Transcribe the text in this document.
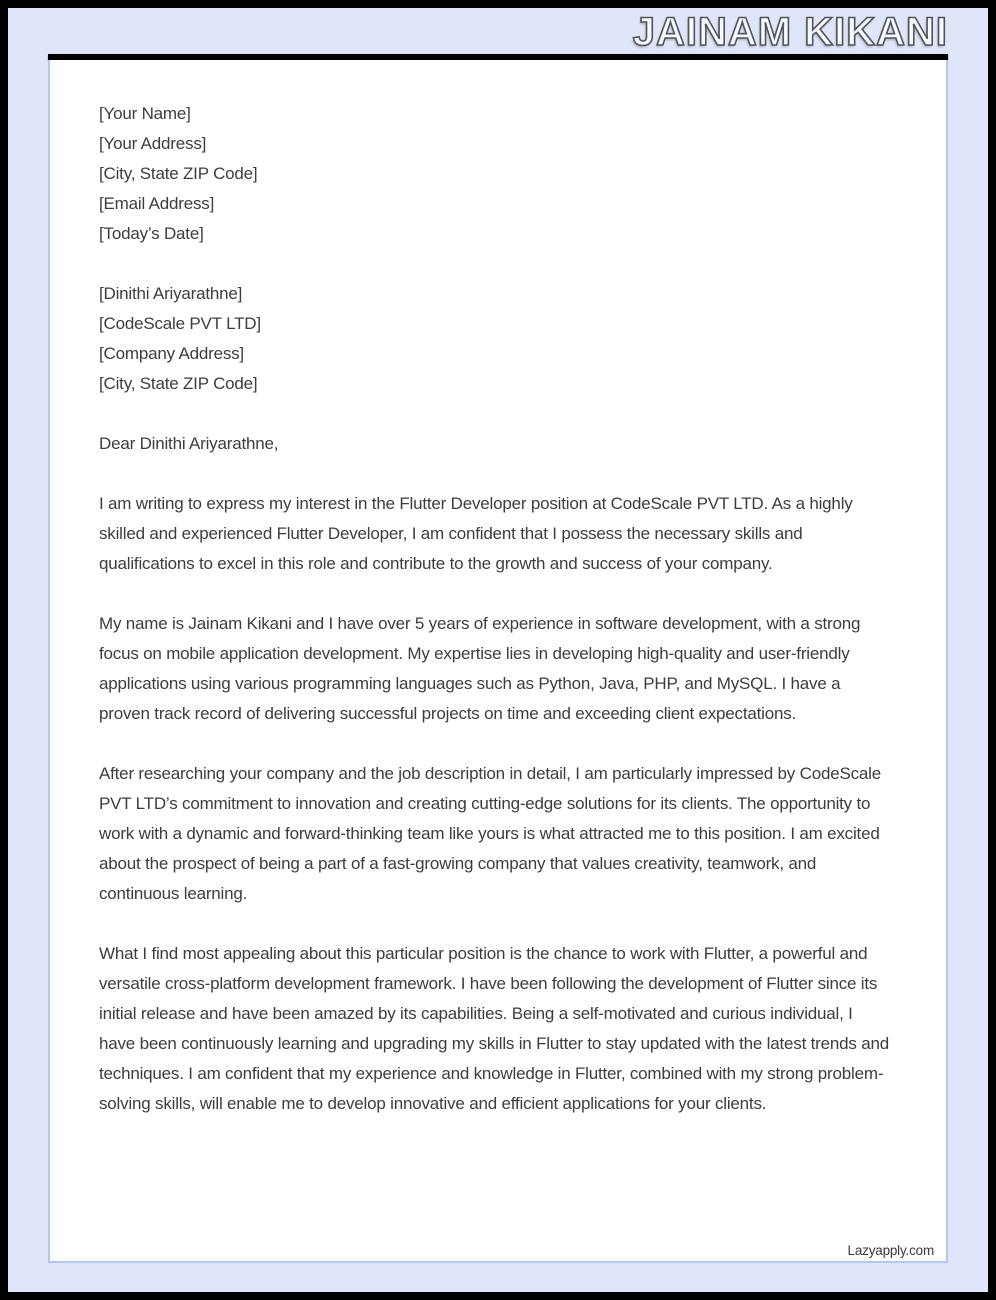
JAINAM KIKANI
[Your Name]
[Your Address]
[City, State ZIP Code]
[Email Address]
[Today’s Date]
[Dinithi Ariyarathne]
[CodeScale PVT LTD]
[Company Address]
[City, State ZIP Code]

Dear Dinithi Ariyarathne,

I am writing to express my interest in the Flutter Developer position at CodeScale PVT LTD. As a highly skilled and experienced Flutter Developer, I am confident that I possess the necessary skills and qualifications to excel in this role and contribute to the growth and success of your company.

My name is Jainam Kikani and I have over 5 years of experience in software development, with a strong focus on mobile application development. My expertise lies in developing high-quality and user-friendly applications using various programming languages such as Python, Java, PHP, and MySQL. I have a proven track record of delivering successful projects on time and exceeding client expectations.

After researching your company and the job description in detail, I am particularly impressed by CodeScale PVT LTD’s commitment to innovation and creating cutting-edge solutions for its clients. The opportunity to work with a dynamic and forward-thinking team like yours is what attracted me to this position. I am excited about the prospect of being a part of a fast-growing company that values creativity, teamwork, and continuous learning.

What I find most appealing about this particular position is the chance to work with Flutter, a powerful and versatile cross-platform development framework. I have been following the development of Flutter since its initial release and have been amazed by its capabilities. Being a self-motivated and curious individual, I have been continuously learning and upgrading my skills in Flutter to stay updated with the latest trends and techniques. I am confident that my experience and knowledge in Flutter, combined with my strong problem-solving skills, will enable me to develop innovative and efficient applications for your clients.

Lazyapply.com
